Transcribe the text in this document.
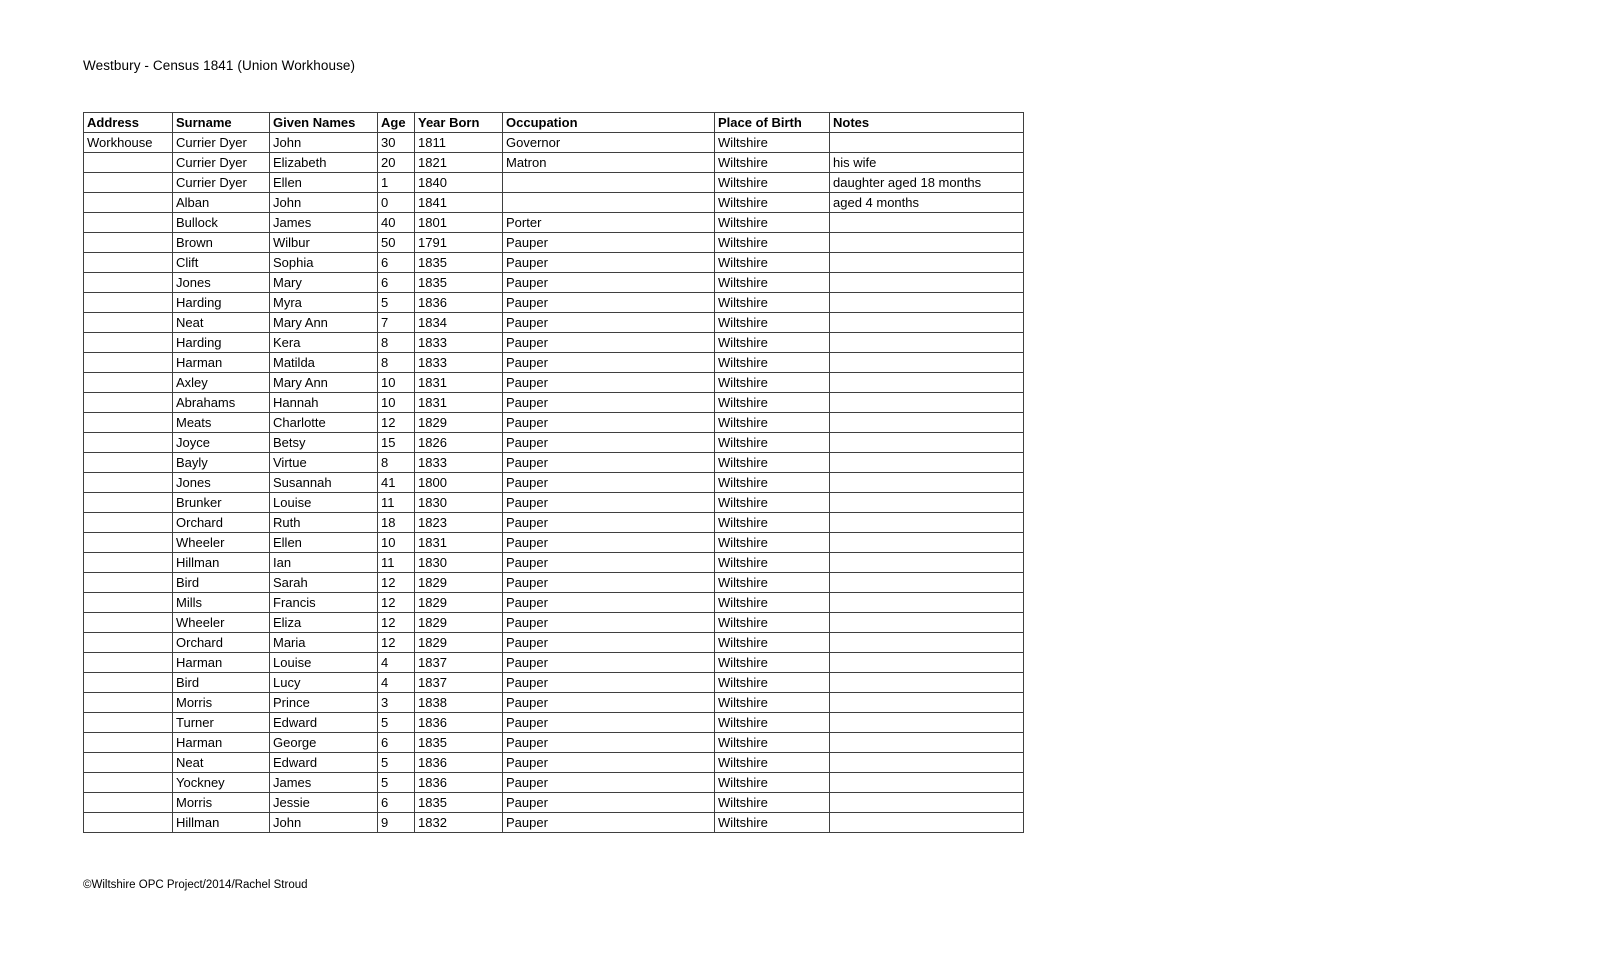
Westbury - Census 1841 (Union Workhouse)
Address	Surname	Given Names	Age	Year Born	Occupation	Place of Birth	Notes
Workhouse	Currier Dyer	John	30	1811	Governor	Wiltshire	
	Currier Dyer	Elizabeth	20	1821	Matron	Wiltshire	his wife
	Currier Dyer	Ellen	1	1840		Wiltshire	daughter aged 18 months
	Alban	John	0	1841		Wiltshire	aged 4 months
	Bullock	James	40	1801	Porter	Wiltshire	
	Brown	Wilbur	50	1791	Pauper	Wiltshire	
	Clift	Sophia	6	1835	Pauper	Wiltshire	
	Jones	Mary	6	1835	Pauper	Wiltshire	
	Harding	Myra	5	1836	Pauper	Wiltshire	
	Neat	Mary Ann	7	1834	Pauper	Wiltshire	
	Harding	Kera	8	1833	Pauper	Wiltshire	
	Harman	Matilda	8	1833	Pauper	Wiltshire	
	Axley	Mary Ann	10	1831	Pauper	Wiltshire	
	Abrahams	Hannah	10	1831	Pauper	Wiltshire	
	Meats	Charlotte	12	1829	Pauper	Wiltshire	
	Joyce	Betsy	15	1826	Pauper	Wiltshire	
	Bayly	Virtue	8	1833	Pauper	Wiltshire	
	Jones	Susannah	41	1800	Pauper	Wiltshire	
	Brunker	Louise	11	1830	Pauper	Wiltshire	
	Orchard	Ruth	18	1823	Pauper	Wiltshire	
	Wheeler	Ellen	10	1831	Pauper	Wiltshire	
	Hillman	Ian	11	1830	Pauper	Wiltshire	
	Bird	Sarah	12	1829	Pauper	Wiltshire	
	Mills	Francis	12	1829	Pauper	Wiltshire	
	Wheeler	Eliza	12	1829	Pauper	Wiltshire	
	Orchard	Maria	12	1829	Pauper	Wiltshire	
	Harman	Louise	4	1837	Pauper	Wiltshire	
	Bird	Lucy	4	1837	Pauper	Wiltshire	
	Morris	Prince	3	1838	Pauper	Wiltshire	
	Turner	Edward	5	1836	Pauper	Wiltshire	
	Harman	George	6	1835	Pauper	Wiltshire	
	Neat	Edward	5	1836	Pauper	Wiltshire	
	Yockney	James	5	1836	Pauper	Wiltshire	
	Morris	Jessie	6	1835	Pauper	Wiltshire	
	Hillman	John	9	1832	Pauper	Wiltshire	
©Wiltshire OPC Project/2014/Rachel Stroud
